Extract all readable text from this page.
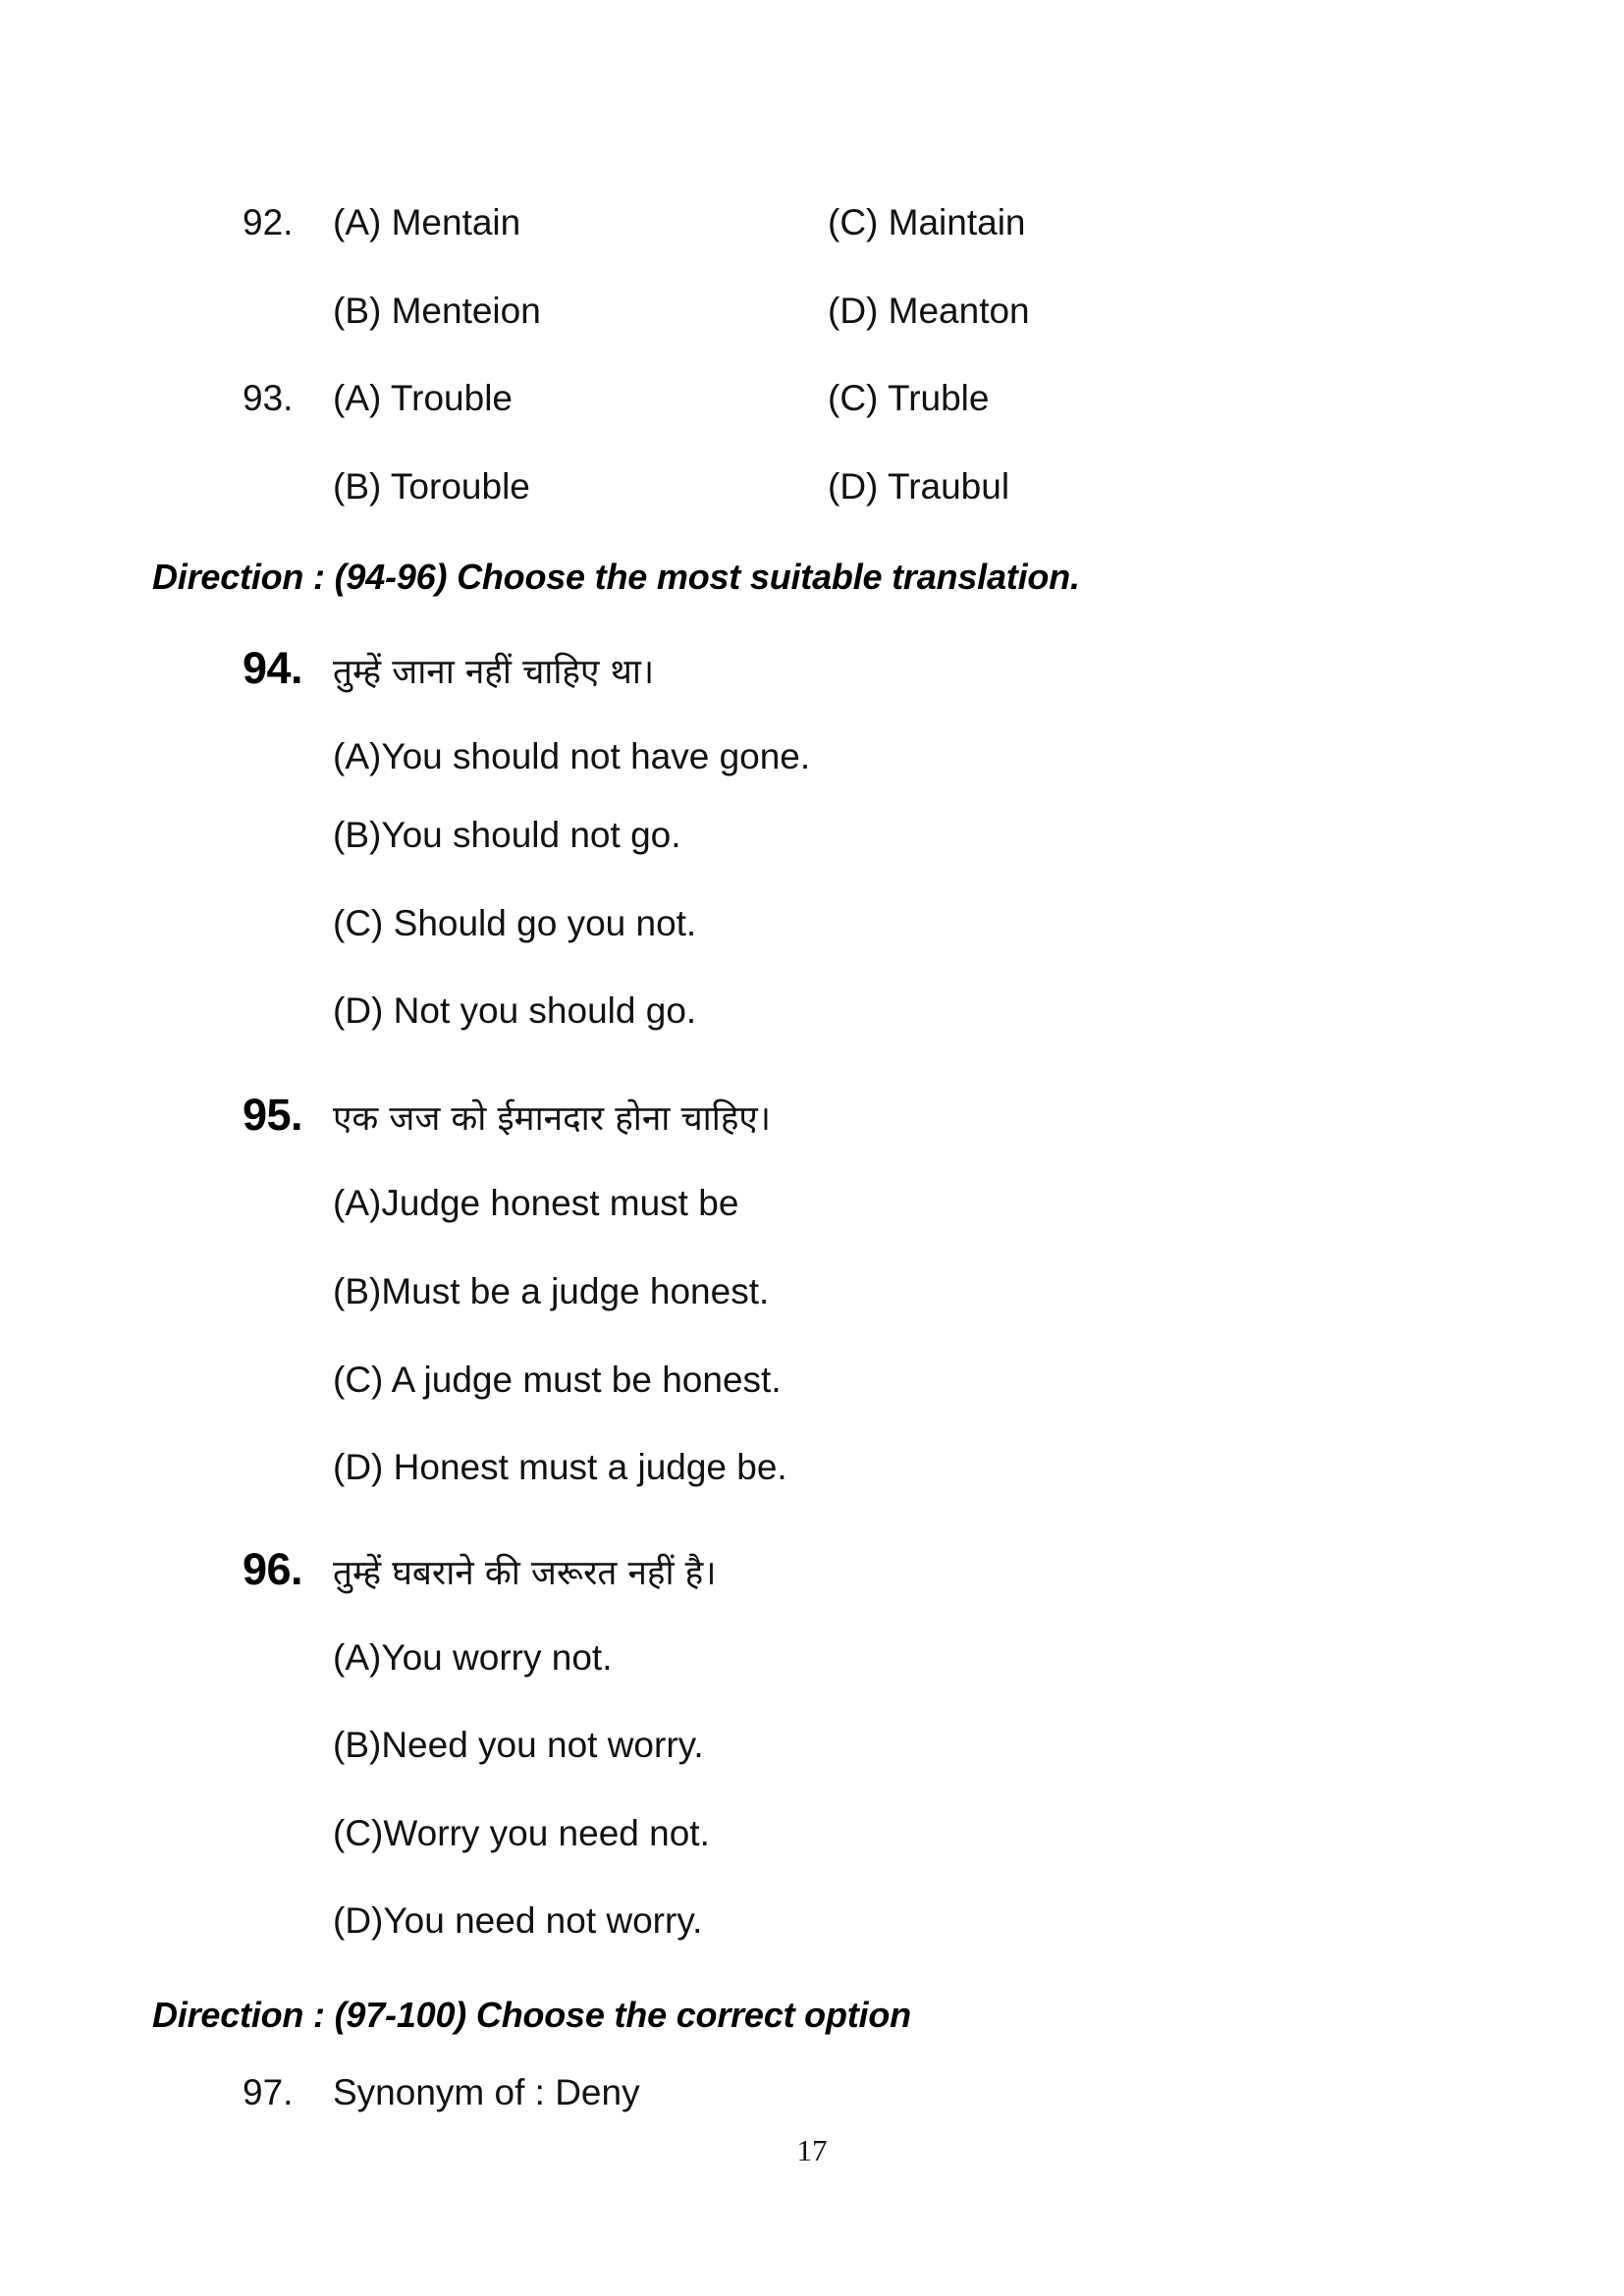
92.	(A) Mentain	(C) Maintain
(B) Menteion	(D) Meanton
93.	(A) Trouble	(C) Truble
(B) Torouble	(D) Traubul
Direction : (94-96) Choose the most suitable translation.
94. तुम्हें जाना नहीं चाहिए था।
(A)You should not have gone.
(B)You should not go.
(C) Should go you not.
(D) Not you should go.
95. एक जज को ईमानदार होना चाहिए।
(A)Judge honest must be
(B)Must be a judge honest.
(C) A judge must be honest.
(D) Honest must a judge be.
96. तुम्हें घबराने की जरूरत नहीं है।
(A)You worry not.
(B)Need you not worry.
(C)Worry you need not.
(D)You need not worry.
Direction : (97-100) Choose the correct option
97.	Synonym of : Deny
17
